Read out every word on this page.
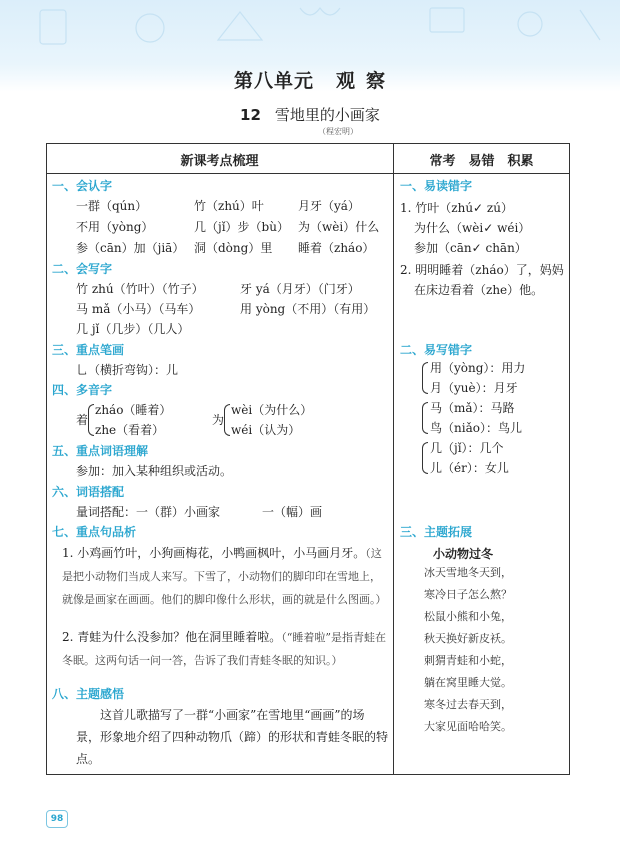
第八单元 观 察
12 雪地里的小画家
（程宏明）
新课考点梳理	常考　易错　积累
一、会认字
一群（qún）	竹（zhú）叶	月牙（yá）
不用（yòng）	几（jǐ）步（bù） 为（wèi）什么
参（cān）加（jiā） 洞（dòng）里 睡着（zháo）
二、会写字
竹 zhú（竹叶）（竹子）	牙 yá（月牙）（门牙）
马 mǎ（小马）（马车）	用 yòng（不用）（有用）
几 jǐ（几步）（几人）
三、重点笔画
乚（横折弯钩）：儿
四、多音字
着
zháo（睡着）
zhe（看着）
为
wèi（为什么）
wéi（认为）
五、重点词语理解
参加：加入某种组织或活动。
六、词语搭配
量词搭配：一（群）小画家	一（幅）画
七、重点句品析
1. 小鸡画竹叶，小狗画梅花，小鸭画枫叶，小马画月牙。（这是把小动物们当成人来写。下雪了，小动物们的脚印印在雪地上，就像是画家在画画。他们的脚印像什么形状，画的就是什么图画。）
2. 青蛙为什么没参加？他在洞里睡着啦。（“睡着啦”是指青蛙在冬眠。这两句话一问一答，告诉了我们青蛙冬眠的知识。）
八、主题感悟
这首儿歌描写了一群“小画家”在雪地里“画画”的场景，形象地介绍了四种动物爪（蹄）的形状和青蛙冬眠的特点。
一、易读错字
1. 竹叶（zhú✓ zú）
为什么（wèi✓ wéi）
参加（cān✓ chān）
2. 明明睡着（zháo）了，妈妈
在床边看着（zhe）他。
二、易写错字
用（yòng）：用力
月（yuè）：月牙
马（mǎ）：马路
鸟（niǎo）：鸟儿
几（jǐ）：几个
儿（ér）：女儿
三、主题拓展
小动物过冬
冰天雪地冬天到，
寒冷日子怎么熬？
松鼠小熊和小兔，
秋天换好新皮袄。
刺猬青蛙和小蛇，
躺在窝里睡大觉。
寒冬过去春天到，
大家见面哈哈笑。
98
